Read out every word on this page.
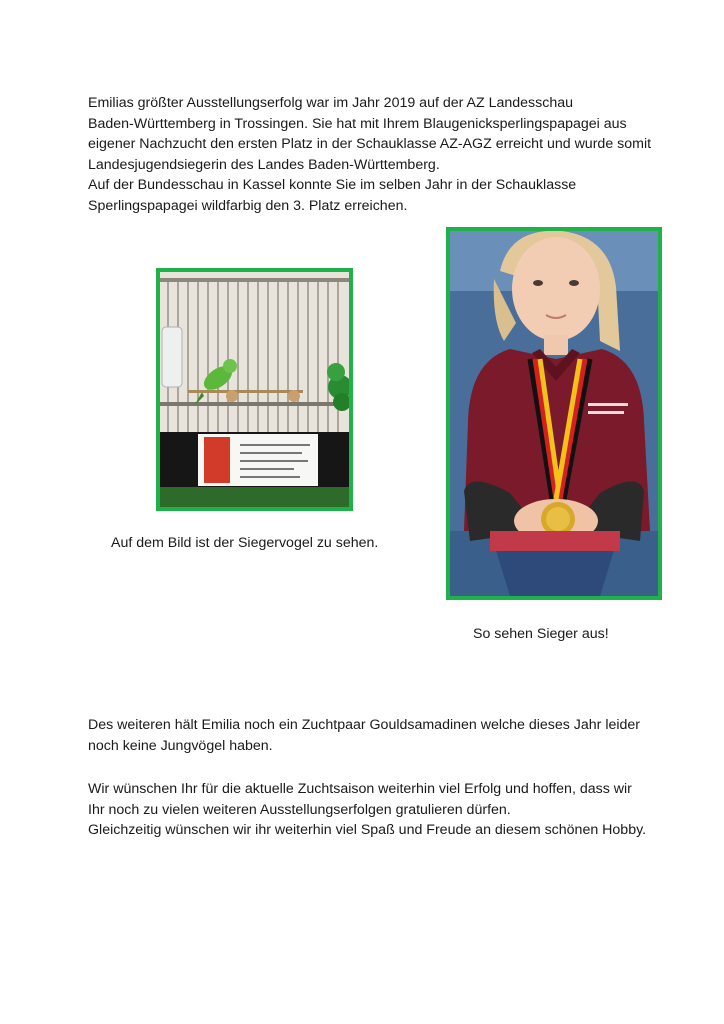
Emilias größter Ausstellungserfolg war im Jahr 2019 auf der AZ Landesschau

Baden-Württemberg in Trossingen. Sie hat mit Ihrem Blaugenicksperlingspapagei aus

eigener Nachzucht den ersten Platz in der Schauklasse AZ-AGZ erreicht und wurde somit

Landesjugendsiegerin des Landes Baden-Württemberg.

Auf der Bundesschau in Kassel konnte Sie im selben Jahr in der Schauklasse

Sperlingspapagei wildfarbig den 3. Platz erreichen.

Auf dem Bild ist der Siegervogel zu sehen.

So sehen Sieger aus!

Des weiteren hält Emilia noch ein Zuchtpaar Gouldsamadinen welche dieses Jahr leider

noch keine Jungvögel haben.

Wir wünschen Ihr für die aktuelle Zuchtsaison weiterhin viel Erfolg und hoffen, dass wir

Ihr noch zu vielen weiteren Ausstellungserfolgen gratulieren dürfen.

Gleichzeitig wünschen wir ihr weiterhin viel Spaß und Freude an diesem schönen Hobby.
